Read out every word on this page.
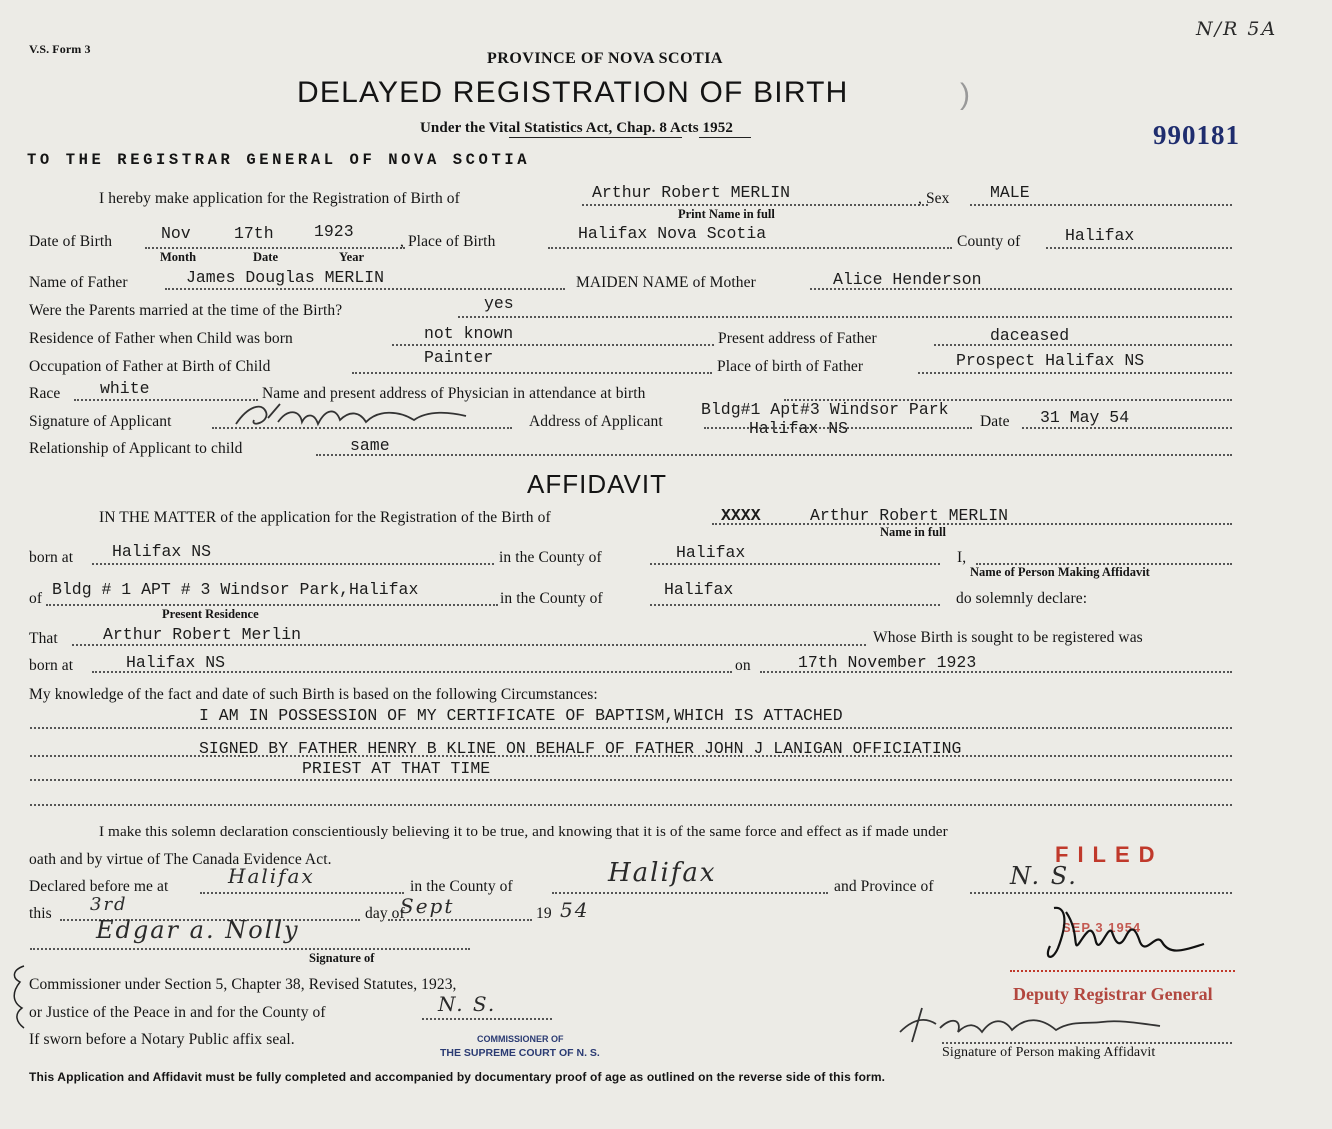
V.S. Form 3
N/R 5A
PROVINCE OF NOVA SCOTIA
DELAYED REGISTRATION OF BIRTH	)
Under the Vital Statistics Act, Chap. 8 Acts 1952	990181
TO THE REGISTRAR GENERAL OF NOVA SCOTIA
I hereby make application for the Registration of Birth of	Arthur Robert MERLIN
Print Name in full
, Sex MALE
Date of Birth	Nov	17th 1923
Month	Date	Year
, Place of Birth	Halifax Nova Scotia	County of	Halifax
Name of Father	James Douglas MERLIN	MAIDEN NAME of Mother	Alice Henderson
Were the Parents married at the time of the Birth?	yes
Residence of Father when Child was born	not known	Present address of Father	daceased
Occupation of Father at Birth of Child	Painter	Place of birth of Father	Prospect Halifax NS
Race white	Name and present address of Physician in attendance at birth
Signature of Applicant	Address of Applicant
Bldg#1 Apt#3 Windsor Park
Halifax NS	Date 31 May 54
Relationship of Applicant to child	same
AFFIDAVIT
IN THE MATTER of the application for the Registration of the Birth of	XXXX	Arthur Robert MERLIN
Name in full
born at Halifax NS	in the County of	Halifax	I,
Name of Person Making Affidavit
of Bldg # 1 APT # 3 Windsor Park,Halifax
Present Residence
in the County of	Halifax	do solemnly declare:
That	Arthur Robert Merlin	Whose Birth is sought to be registered was
born at	Halifax NS	on	17th November 1923
My knowledge of the fact and date of such Birth is based on the following Circumstances:
I AM IN POSSESSION OF MY CERTIFICATE OF BAPTISM,WHICH IS ATTACHED
SIGNED BY FATHER HENRY B KLINE ON BEHALF OF FATHER JOHN J LANIGAN OFFICIATING
PRIEST AT THAT TIME
I make this solemn declaration conscientiously believing it to be true, and knowing that it is of the same force and effect as if made under
oath and by virtue of The Canada Evidence Act.
Declared before me at	Halifax	in the County of	Halifax	and Province of	N. S.
this 3rd	day of
Sept	19 54
Edgar a. Nolly
Signature of
Commissioner under Section 5, Chapter 38, Revised Statutes, 1923,
or Justice of the Peace in and for the County of	N. S.
If sworn before a Notary Public affix seal.	COMMISSIONER OF
THE SUPREME COURT OF N. S.
FILED
SEP 3 1954
Deputy Registrar General
Signature of Person making Affidavit
This Application and Affidavit must be fully completed and accompanied by documentary proof of age as outlined on the reverse side of this form.
